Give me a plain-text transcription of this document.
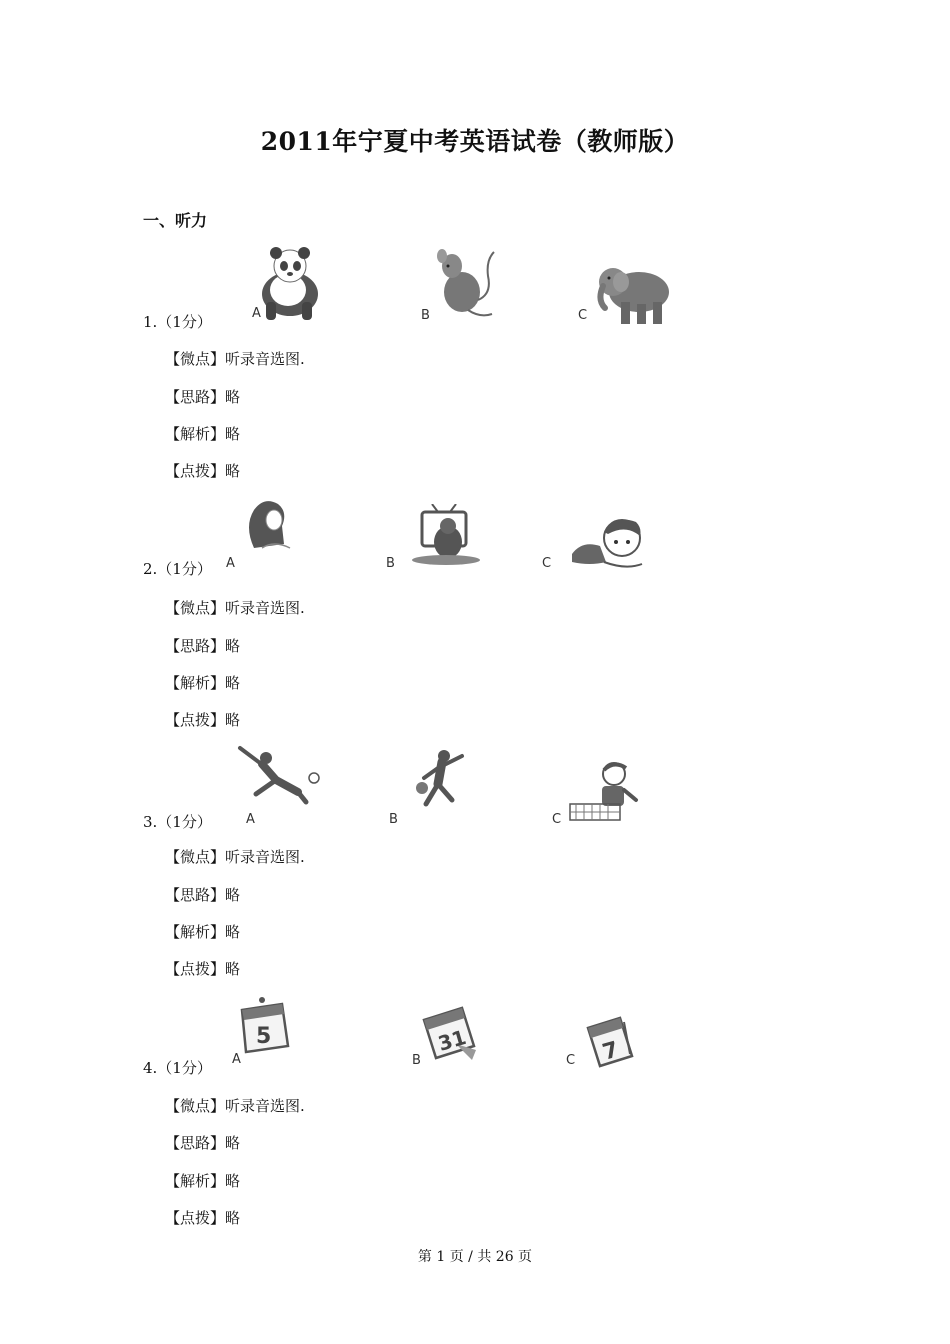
2011年宁夏中考英语试卷（教师版）
一、听力
A	B	C
1.（1分）
【微点】听录音选图.
【思路】略
【解析】略
【点拨】略
A	B	C
2.（1分）
【微点】听录音选图.
【思路】略
【解析】略
【点拨】略
A	B	C
3.（1分）
【微点】听录音选图.
【思路】略
【解析】略
【点拨】略
5
A
31
B	7
C
4.（1分）
【微点】听录音选图.
【思路】略
【解析】略
【点拨】略
第 1 页 / 共 26 页
